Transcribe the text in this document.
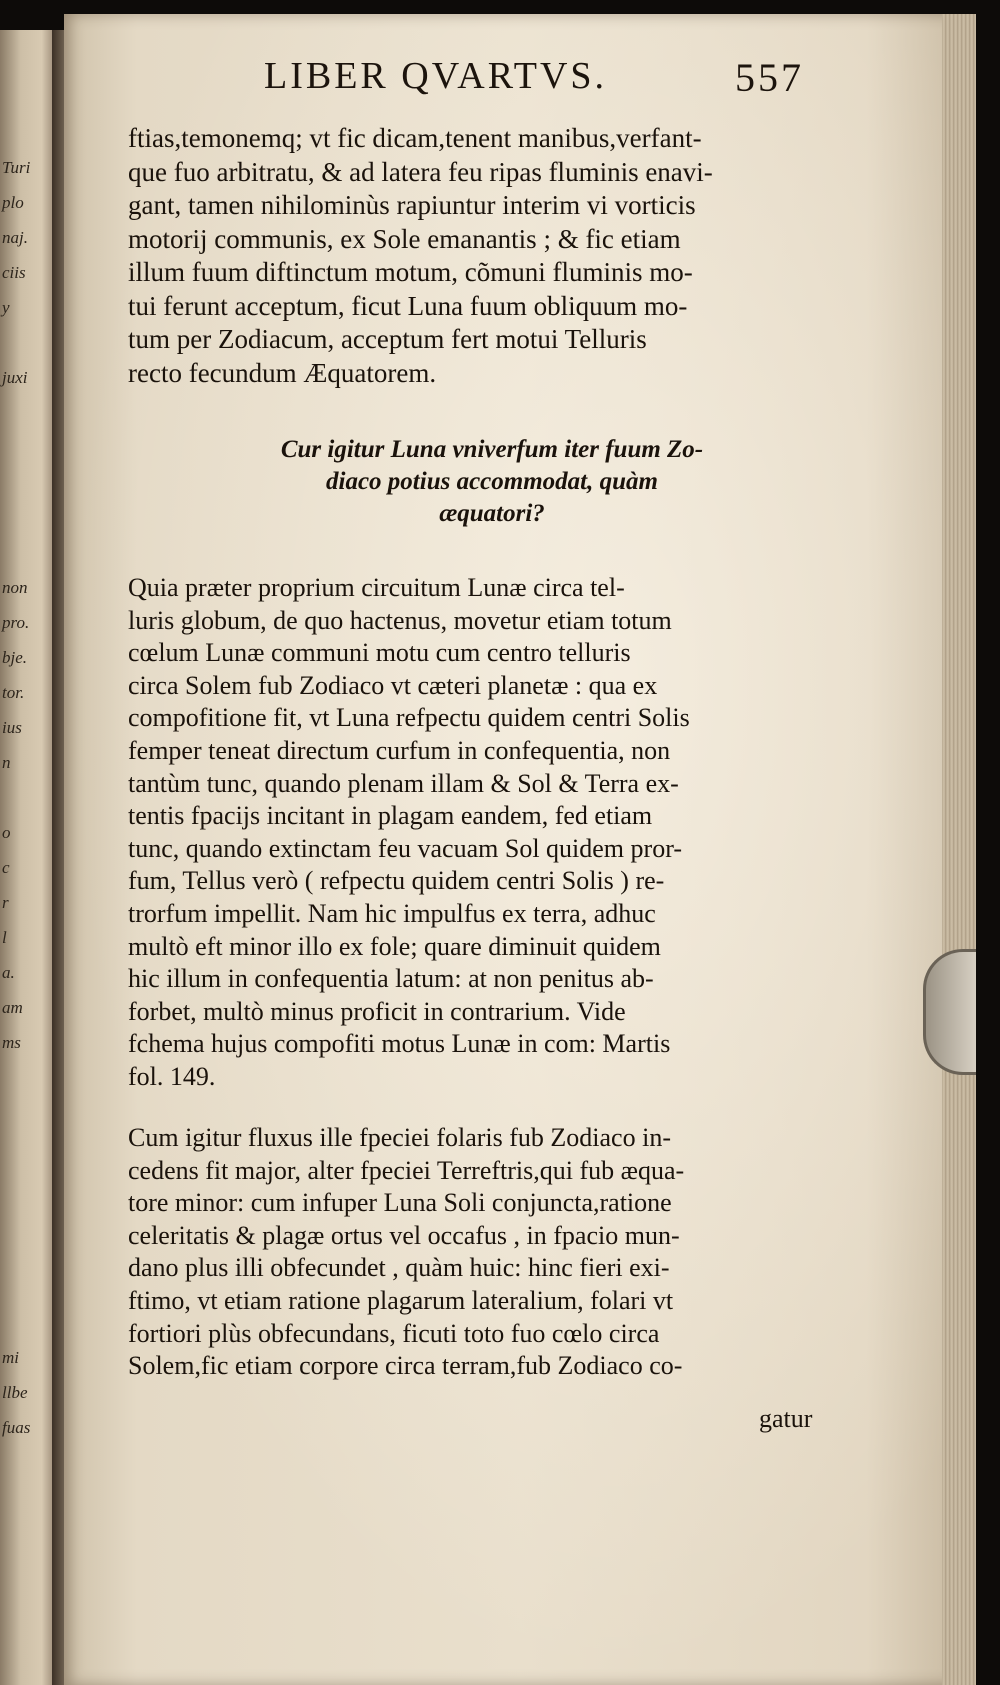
Turi
plo
naj.
ciis
y
juxi
non
pro.
bje.
tor.
ius
n
o
c
r
l
a.
am
ms
mi
llbe
fuas
LIBER QVARTVS.	557
ftias,temonemq; vt fic dicam,tenent manibus,verfant-
que fuo arbitratu, & ad latera feu ripas fluminis enavi-
gant, tamen nihilominùs rapiuntur interim vi vorticis
motorij communis, ex Sole emanantis ; & fic etiam
illum fuum diftinctum motum, cõmuni fluminis mo-
tui ferunt acceptum, ficut Luna fuum obliquum mo-
tum per Zodiacum, acceptum fert motui Telluris
recto fecundum Æquatorem.
Cur igitur Luna vniverfum iter fuum Zo-
diaco potius accommodat, quàm
æquatori?
Quia præter proprium circuitum Lunæ circa tel-
luris globum, de quo hactenus, movetur etiam totum
cœlum Lunæ communi motu cum centro telluris
circa Solem fub Zodiaco vt cæteri planetæ : qua ex
compofitione fit, vt Luna refpectu quidem centri Solis
femper teneat directum curfum in confequentia, non
tantùm tunc, quando plenam illam & Sol & Terra ex-
tentis fpacijs incitant in plagam eandem, fed etiam
tunc, quando extinctam feu vacuam Sol quidem pror-
fum, Tellus verò ( refpectu quidem centri Solis ) re-
trorfum impellit. Nam hic impulfus ex terra, adhuc
multò eft minor illo ex fole; quare diminuit quidem
hic illum in confequentia latum: at non penitus ab-
forbet, multò minus proficit in contrarium. Vide
fchema hujus compofiti motus Lunæ in com: Martis
fol. 149.
Cum igitur fluxus ille fpeciei folaris fub Zodiaco in-
cedens fit major, alter fpeciei Terreftris,qui fub æqua-
tore minor: cum infuper Luna Soli conjuncta,ratione
celeritatis & plagæ ortus vel occafus , in fpacio mun-
dano plus illi obfecundet , quàm huic: hinc fieri exi-
ftimo, vt etiam ratione plagarum lateralium, folari vt
fortiori plùs obfecundans, ficuti toto fuo cœlo circa
Solem,fic etiam corpore circa terram,fub Zodiaco co-
gatur
